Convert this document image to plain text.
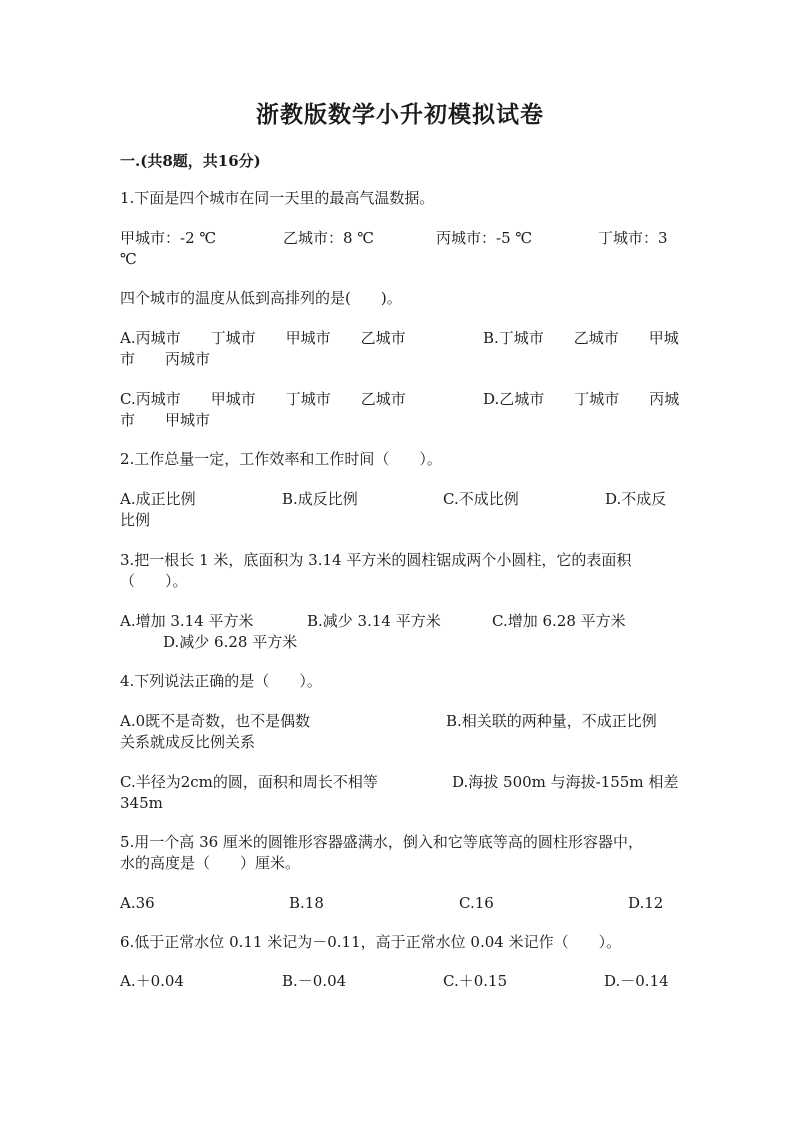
浙教版数学小升初模拟试卷
一.(共8题，共16分)
1.下面是四个城市在同一天里的最高气温数据。
甲城市：-2 ℃	乙城市：8 ℃	丙城市：-5 ℃	丁城市：3
℃
四个城市的温度从低到高排列的是(　　)。
A.丙城市　　丁城市　　甲城市　　乙城市	B.丁城市　　乙城市　　甲城
市　　丙城市
C.丙城市　　甲城市　　丁城市　　乙城市	D.乙城市　　丁城市　　丙城
市　　甲城市
2.工作总量一定，工作效率和工作时间（　　）。
A.成正比例	B.成反比例	C.不成比例	D.不成反
比例
3.把一根长 1 米，底面积为 3.14 平方米的圆柱锯成两个小圆柱，它的表面积
（　　）。
A.增加 3.14 平方米	B.减少 3.14 平方米	C.增加 6.28 平方米
D.减少 6.28 平方米
4.下列说法正确的是（　　）。
A.0既不是奇数，也不是偶数	B.相关联的两种量，不成正比例
关系就成反比例关系
C.半径为2cm的圆，面积和周长不相等	D.海拔 500m 与海拔-155m 相差
345m
5.用一个高 36 厘米的圆锥形容器盛满水，倒入和它等底等高的圆柱形容器中，
水的高度是（　　）厘米。
A.36	B.18	C.16	D.12
6.低于正常水位 0.11 米记为－0.11，高于正常水位 0.04 米记作（　　）。
A.＋0.04	B.－0.04	C.＋0.15	D.－0.14
